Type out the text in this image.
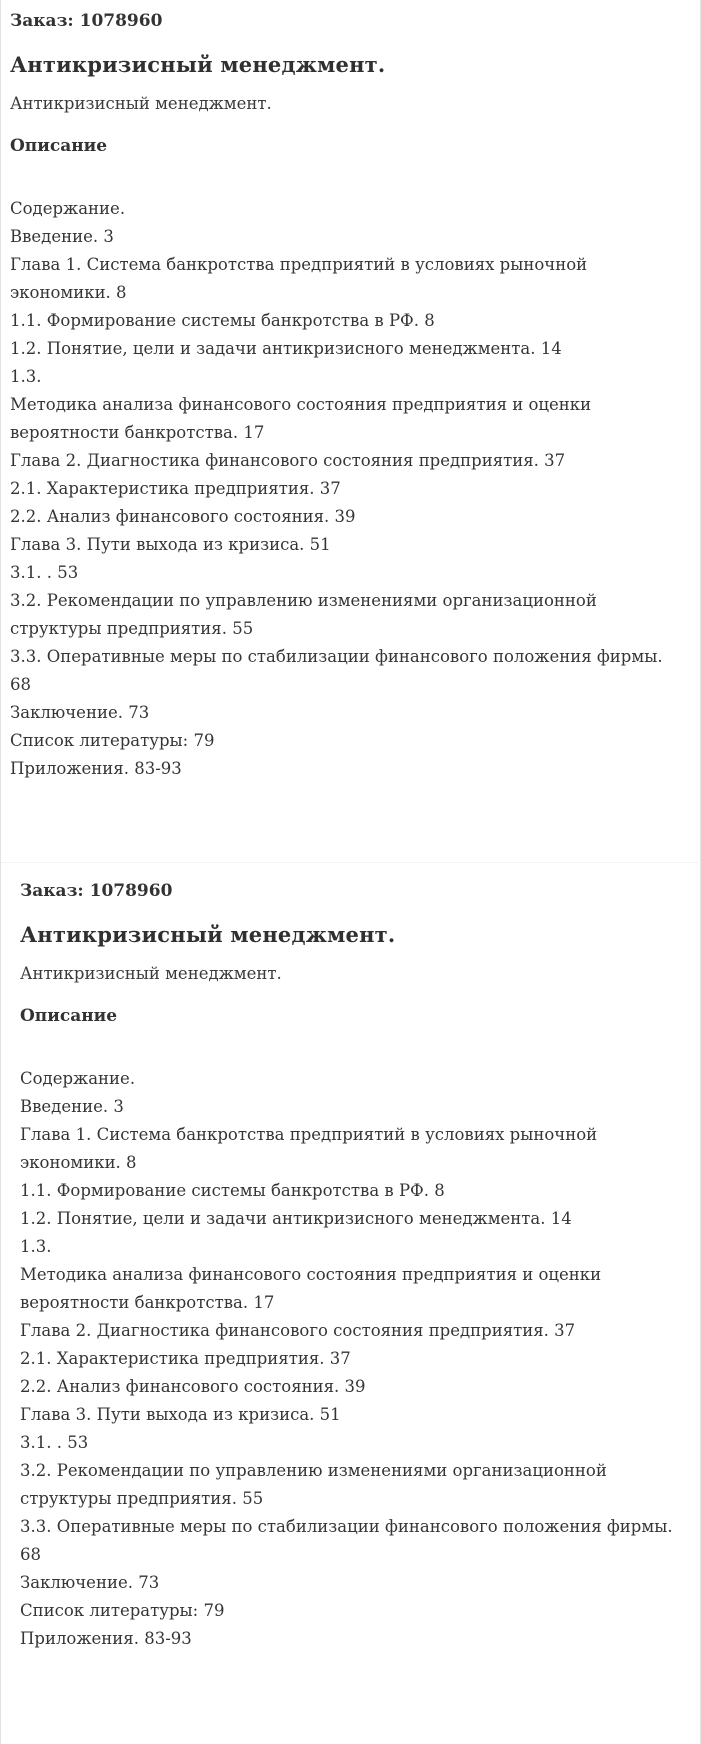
Заказ: 1078960
Антикризисный менеджмент.
Антикризисный менеджмент.
Описание
Содержание.
Введение. 3
Глава 1. Система банкротства предприятий в условиях рыночной экономики. 8
1.1. Формирование системы банкротства в РФ. 8
1.2. Понятие, цели и задачи антикризисного менеджмента. 14
1.3.
Методика анализа финансового состояния предприятия и оценки вероятности банкротства. 17
Глава 2. Диагностика финансового состояния предприятия. 37
2.1. Характеристика предприятия. 37
2.2. Анализ финансового состояния. 39
Глава 3. Пути выхода из кризиса. 51
3.1. . 53
3.2. Рекомендации по управлению изменениями организационной структуры предприятия. 55
3.3. Оперативные меры по стабилизации финансового положения фирмы. 68
Заключение. 73
Список литературы: 79
Приложения. 83-93
Заказ: 1078960
Антикризисный менеджмент.
Антикризисный менеджмент.
Описание
Содержание.
Введение. 3
Глава 1. Система банкротства предприятий в условиях рыночной экономики. 8
1.1. Формирование системы банкротства в РФ. 8
1.2. Понятие, цели и задачи антикризисного менеджмента. 14
1.3.
Методика анализа финансового состояния предприятия и оценки вероятности банкротства. 17
Глава 2. Диагностика финансового состояния предприятия. 37
2.1. Характеристика предприятия. 37
2.2. Анализ финансового состояния. 39
Глава 3. Пути выхода из кризиса. 51
3.1. . 53
3.2. Рекомендации по управлению изменениями организационной структуры предприятия. 55
3.3. Оперативные меры по стабилизации финансового положения фирмы. 68
Заключение. 73
Список литературы: 79
Приложения. 83-93
